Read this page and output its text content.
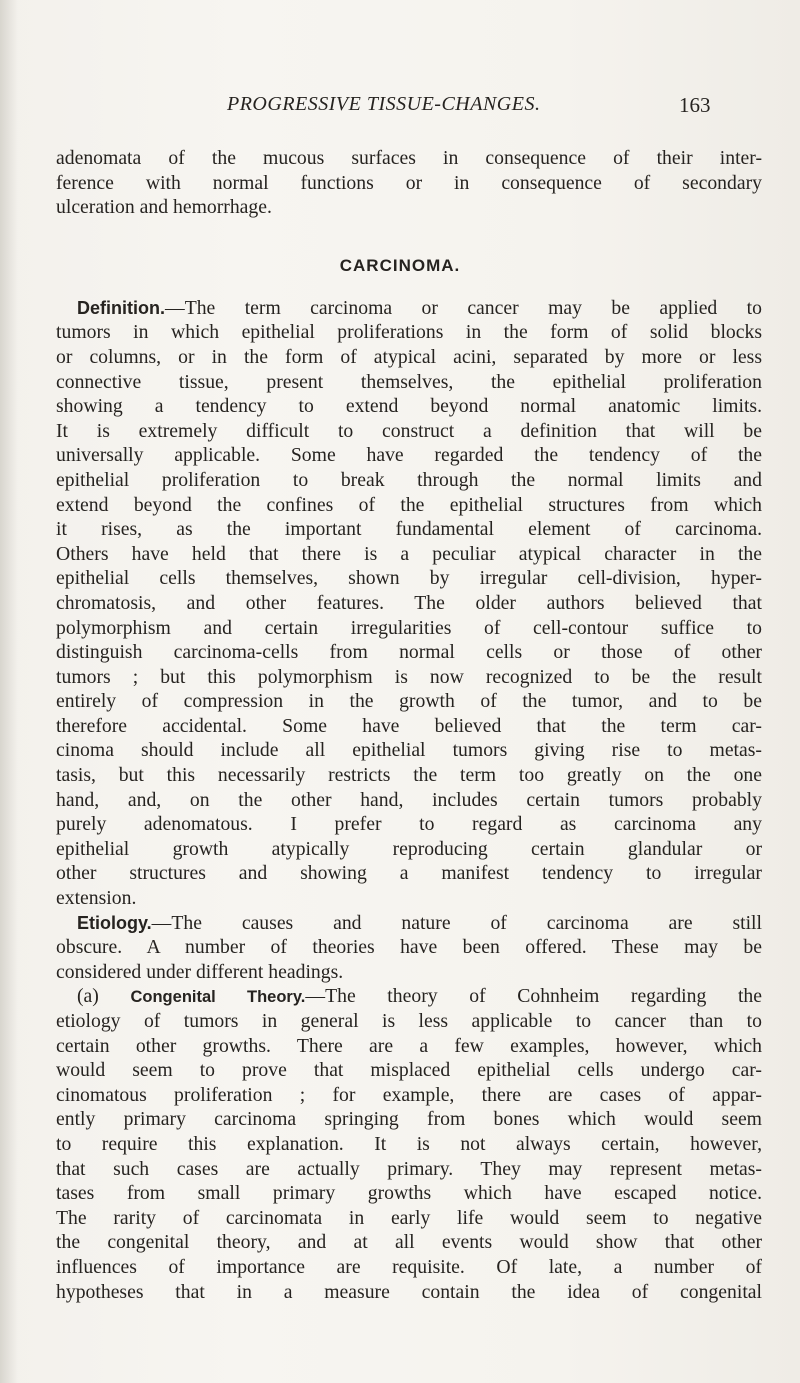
PROGRESSIVE TISSUE-CHANGES.	163
adenomata of the mucous surfaces in consequence of their inter-
ference with normal functions or in consequence of secondary
ulceration and hemorrhage.
CARCINOMA.
Definition.—The term carcinoma or cancer may be applied to
tumors in which epithelial proliferations in the form of solid blocks
or columns, or in the form of atypical acini, separated by more or less
connective tissue, present themselves, the epithelial proliferation
showing a tendency to extend beyond normal anatomic limits.
It is extremely difficult to construct a definition that will be
universally applicable. Some have regarded the tendency of the
epithelial proliferation to break through the normal limits and
extend beyond the confines of the epithelial structures from which
it rises, as the important fundamental element of carcinoma.
Others have held that there is a peculiar atypical character in the
epithelial cells themselves, shown by irregular cell-division, hyper-
chromatosis, and other features. The older authors believed that
polymorphism and certain irregularities of cell-contour suffice to
distinguish carcinoma-cells from normal cells or those of other
tumors ; but this polymorphism is now recognized to be the result
entirely of compression in the growth of the tumor, and to be
therefore accidental. Some have believed that the term car-
cinoma should include all epithelial tumors giving rise to metas-
tasis, but this necessarily restricts the term too greatly on the one
hand, and, on the other hand, includes certain tumors probably
purely adenomatous. I prefer to regard as carcinoma any
epithelial growth atypically reproducing certain glandular or
other structures and showing a manifest tendency to irregular
extension.
Etiology.—The causes and nature of carcinoma are still
obscure. A number of theories have been offered. These may be
considered under different headings.
(a) Congenital Theory.—The theory of Cohnheim regarding the
etiology of tumors in general is less applicable to cancer than to
certain other growths. There are a few examples, however, which
would seem to prove that misplaced epithelial cells undergo car-
cinomatous proliferation ; for example, there are cases of appar-
ently primary carcinoma springing from bones which would seem
to require this explanation. It is not always certain, however,
that such cases are actually primary. They may represent metas-
tases from small primary growths which have escaped notice.
The rarity of carcinomata in early life would seem to negative
the congenital theory, and at all events would show that other
influences of importance are requisite. Of late, a number of
hypotheses that in a measure contain the idea of congenital
